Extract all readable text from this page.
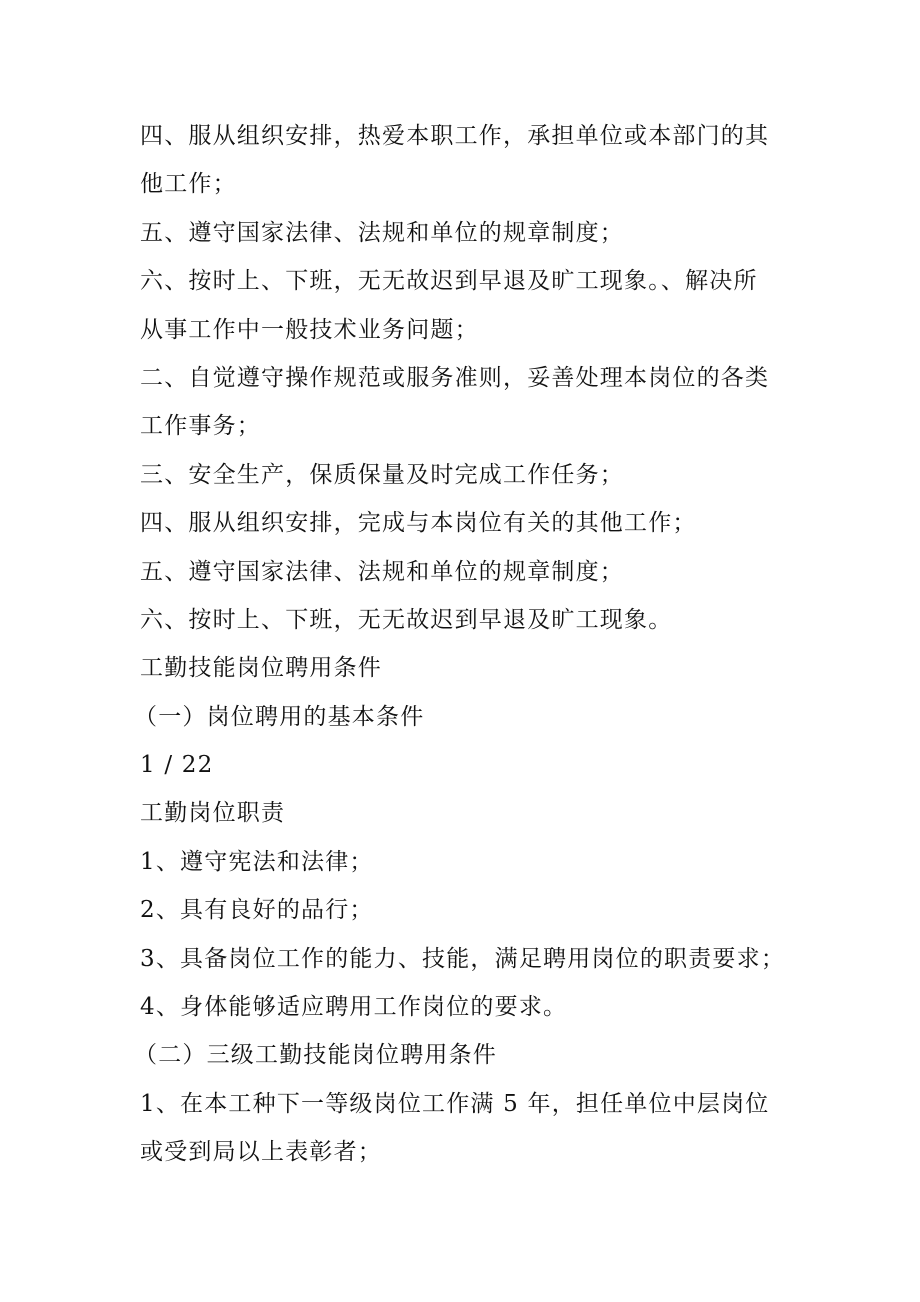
四、服从组织安排，热爱本职工作，承担单位或本部门的其
他工作；
五、遵守国家法律、法规和单位的规章制度；
六、按时上、下班，无无故迟到早退及旷工现象。、解决所
从事工作中一般技术业务问题；
二、自觉遵守操作规范或服务准则，妥善处理本岗位的各类
工作事务；
三、安全生产，保质保量及时完成工作任务；
四、服从组织安排，完成与本岗位有关的其他工作；
五、遵守国家法律、法规和单位的规章制度；
六、按时上、下班，无无故迟到早退及旷工现象。
工勤技能岗位聘用条件
（一）岗位聘用的基本条件
1 / 22
工勤岗位职责
1、遵守宪法和法律；
2、具有良好的品行；
3、具备岗位工作的能力、技能，满足聘用岗位的职责要求；
4、身体能够适应聘用工作岗位的要求。
（二）三级工勤技能岗位聘用条件
1、在本工种下一等级岗位工作满 5 年，担任单位中层岗位
或受到局以上表彰者；
